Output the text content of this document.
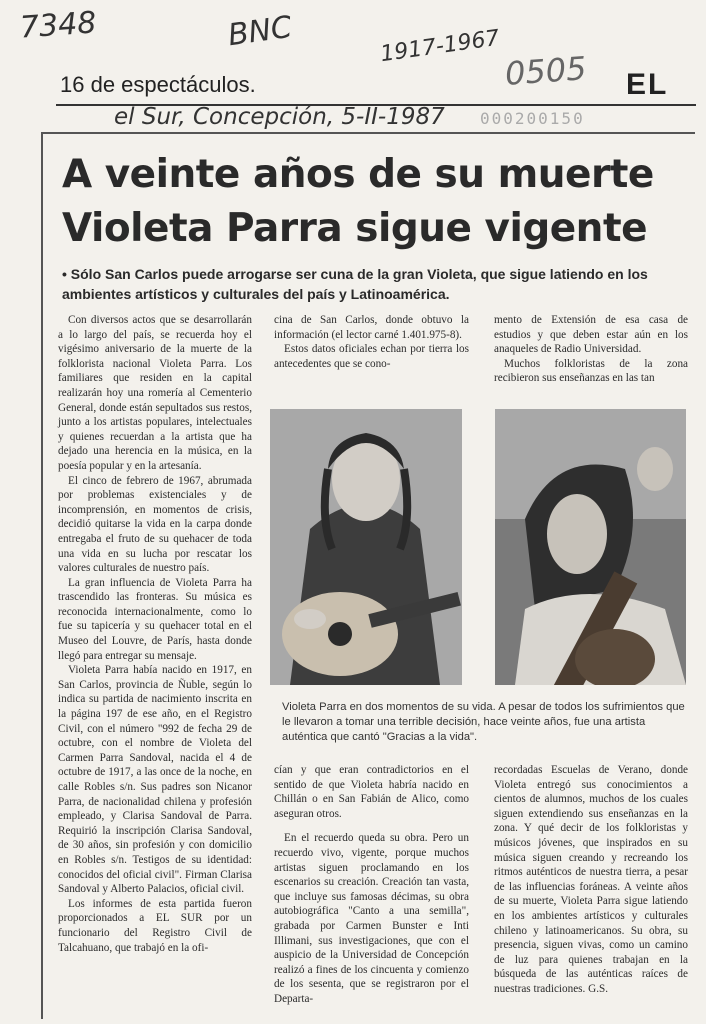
7348	BNC	1917-1967
0505
16 de espectáculos.	EL
el Sur, Concepción, 5-II-1987 000200150
A veinte años de su muerte
Violeta Parra sigue vigente
• Sólo San Carlos puede arrogarse ser cuna de la gran Violeta, que sigue latiendo en los ambientes artísticos y culturales del país y Latinoamérica.

Con diversos actos que se desarrollarán a lo largo del país, se recuerda hoy el vigésimo aniversario de la muerte de la folklorista nacional Violeta Parra. Los familiares que residen en la capital realizarán hoy una romería al Cementerio General, donde están sepultados sus restos, junto a los artistas populares, intelectuales y quienes recuerdan a la artista que ha dejado una herencia en la música, en la poesía popular y en la artesanía.

El cinco de febrero de 1967, abrumada por problemas existenciales y de incomprensión, en momentos de crisis, decidió quitarse la vida en la carpa donde entregaba el fruto de su quehacer de toda una vida en su lucha por rescatar los valores culturales de nuestro país.

La gran influencia de Violeta Parra ha trascendido las fronteras. Su música es reconocida internacionalmente, como lo fue su tapicería y su quehacer total en el Museo del Louvre, de París, hasta donde llegó para entregar su mensaje.

Violeta Parra había nacido en 1917, en San Carlos, provincia de Ñuble, según lo indica su partida de nacimiento inscrita en la página 197 de ese año, en el Registro Civil, con el número "992 de fecha 29 de octubre, con el nombre de Violeta del Carmen Parra Sandoval, nacida el 4 de octubre de 1917, a las once de la noche, en calle Robles s/n. Sus padres son Nicanor Parra, de nacionalidad chilena y profesión empleado, y Clarisa Sandoval de Parra. Requirió la inscripción Clarisa Sandoval, de 30 años, sin profesión y con domicilio en Robles s/n. Testigos de su identidad: conocidos del oficial civil". Firman Clarisa Sandoval y Alberto Palacios, oficial civil.

Los informes de esta partida fueron proporcionados a EL SUR por un funcionario del Registro Civil de Talcahuano, que trabajó en la ofi-

cina de San Carlos, donde obtuvo la información (el lector carné 1.401.975-8).

Estos datos oficiales echan por tierra los antecedentes que se cono-

mento de Extensión de esa casa de estudios y que deben estar aún en los anaqueles de Radio Universidad.

Muchos folkloristas de la zona recibieron sus enseñanzas en las tan

Violeta Parra en dos momentos de su vida. A pesar de todos los sufrimientos que le llevaron a tomar una terrible decisión, hace veinte años, fue una artista auténtica que cantó "Gracias a la vida".

cían y que eran contradictorios en el sentido de que Violeta habría nacido en Chillán o en San Fabián de Alico, como aseguran otros.

En el recuerdo queda su obra. Pero un recuerdo vivo, vigente, porque muchos artistas siguen proclamando en los escenarios su creación. Creación tan vasta, que incluye sus famosas décimas, su obra autobiográfica "Canto a una semilla", grabada por Carmen Bunster e Inti Illimani, sus investigaciones, que con el auspicio de la Universidad de Concepción realizó a fines de los cincuenta y comienzo de los sesenta, que se registraron por el Departa-

recordadas Escuelas de Verano, donde Violeta entregó sus conocimientos a cientos de alumnos, muchos de los cuales siguen extendiendo sus enseñanzas en la zona. Y qué decir de los folkloristas y músicos jóvenes, que inspirados en su música siguen creando y recreando los ritmos auténticos de nuestra tierra, a pesar de las influencias foráneas. A veinte años de su muerte, Violeta Parra sigue latiendo en los ambientes artísticos y culturales chileno y latinoamericanos. Su obra, su presencia, siguen vivas, como un camino de luz para quienes trabajan en la búsqueda de las auténticas raíces de nuestras tradiciones. G.S.
